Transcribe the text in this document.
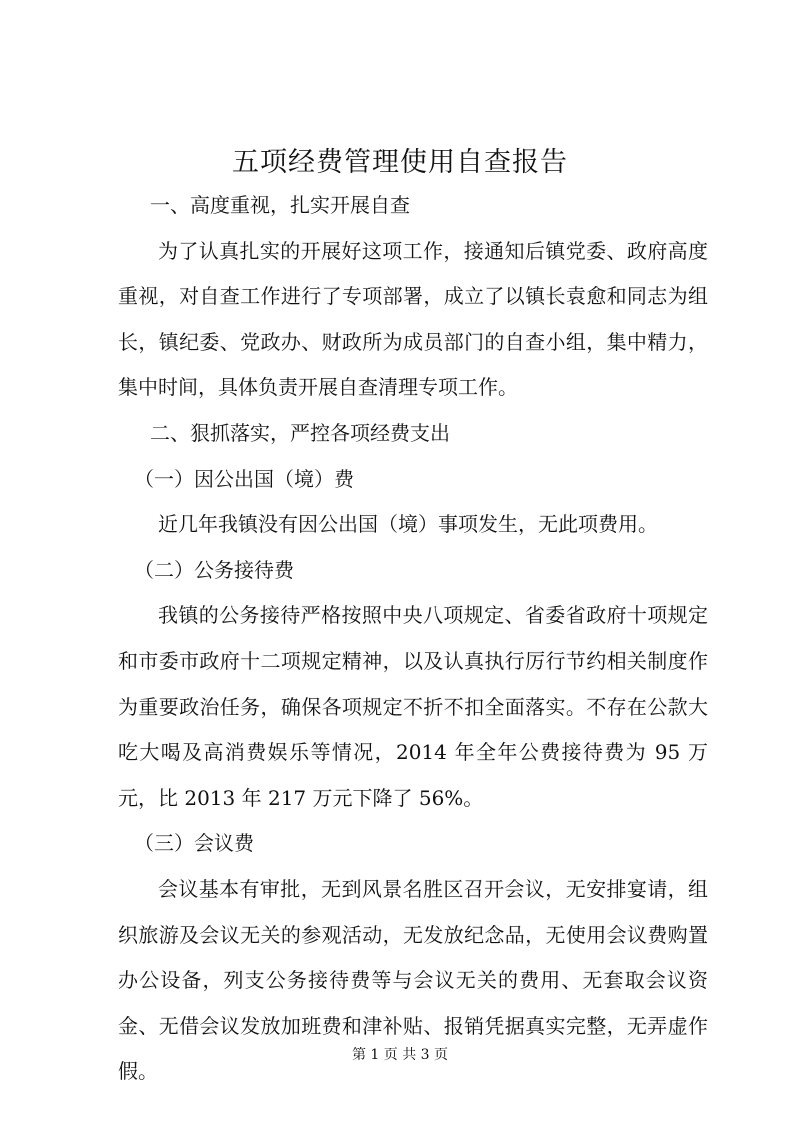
五项经费管理使用自查报告

一、高度重视，扎实开展自查

为了认真扎实的开展好这项工作，接通知后镇党委、政府高度重视，对自查工作进行了专项部署，成立了以镇长袁愈和同志为组长，镇纪委、党政办、财政所为成员部门的自查小组，集中精力，集中时间，具体负责开展自查清理专项工作。

二、狠抓落实，严控各项经费支出

（一）因公出国（境）费

近几年我镇没有因公出国（境）事项发生，无此项费用。

（二）公务接待费

我镇的公务接待严格按照中央八项规定、省委省政府十项规定和市委市政府十二项规定精神，以及认真执行厉行节约相关制度作为重要政治任务，确保各项规定不折不扣全面落实。不存在公款大吃大喝及高消费娱乐等情况，2014 年全年公费接待费为 95 万元，比 2013 年 217 万元下降了 56%。

（三）会议费

会议基本有审批，无到风景名胜区召开会议，无安排宴请，组织旅游及会议无关的参观活动，无发放纪念品，无使用会议费购置办公设备，列支公务接待费等与会议无关的费用、无套取会议资金、无借会议发放加班费和津补贴、报销凭据真实完整，无弄虚作假。

第 1 页 共 3 页
